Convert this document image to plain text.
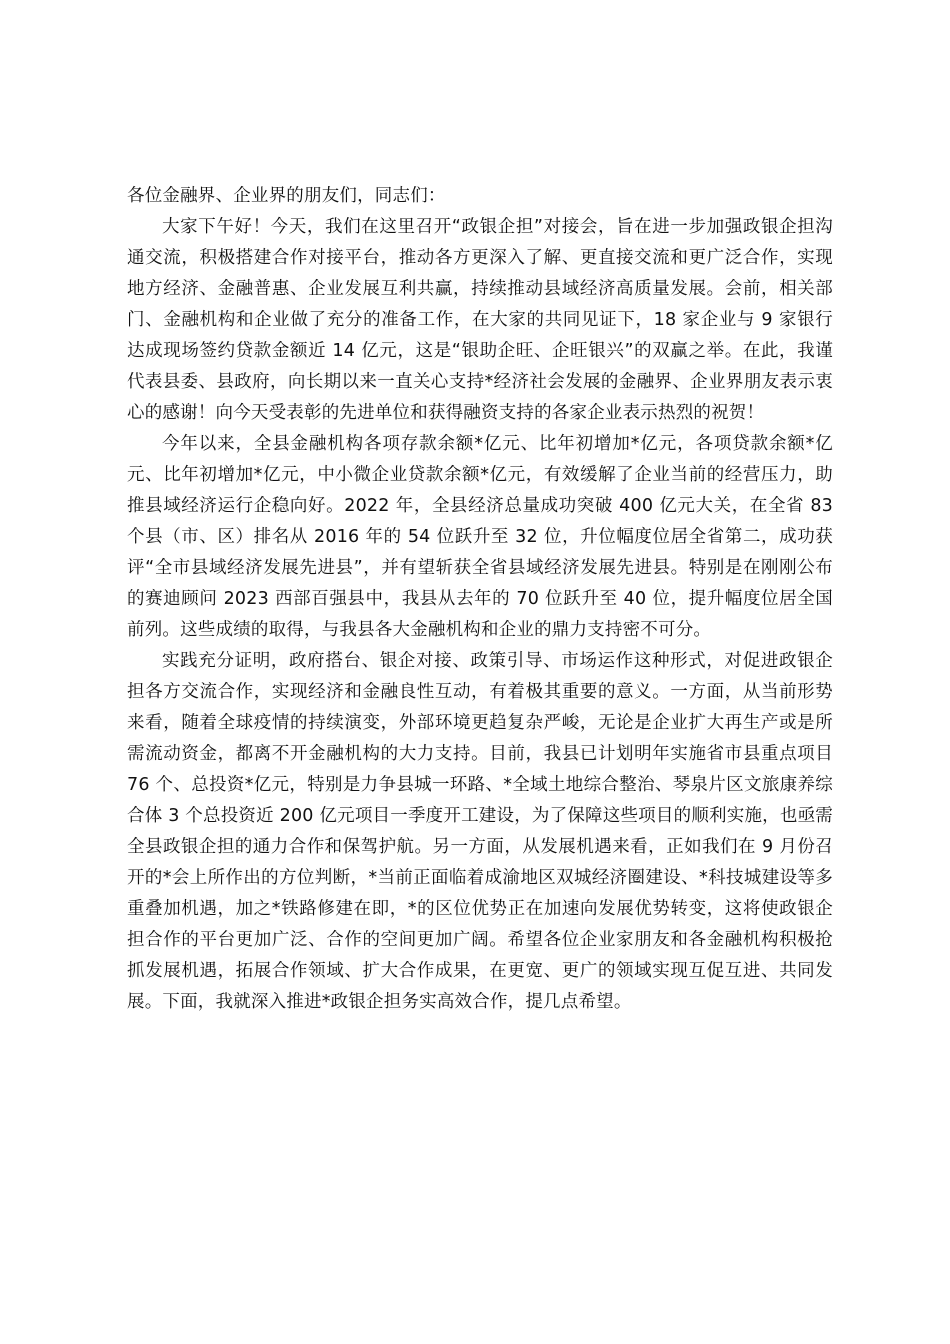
各位金融界、企业界的朋友们，同志们：

大家下午好！今天，我们在这里召开“政银企担”对接会，旨在进一步加强政银企担沟通交流，积极搭建合作对接平台，推动各方更深入了解、更直接交流和更广泛合作，实现地方经济、金融普惠、企业发展互利共赢，持续推动县域经济高质量发展。会前，相关部门、金融机构和企业做了充分的准备工作，在大家的共同见证下，18 家企业与 9 家银行达成现场签约贷款金额近 14 亿元，这是“银助企旺、企旺银兴”的双赢之举。在此，我谨代表县委、县政府，向长期以来一直关心支持*经济社会发展的金融界、企业界朋友表示衷心的感谢！向今天受表彰的先进单位和获得融资支持的各家企业表示热烈的祝贺！

今年以来，全县金融机构各项存款余额*亿元、比年初增加*亿元，各项贷款余额*亿元、比年初增加*亿元，中小微企业贷款余额*亿元，有效缓解了企业当前的经营压力，助推县域经济运行企稳向好。2022 年，全县经济总量成功突破 400 亿元大关，在全省 83 个县（市、区）排名从 2016 年的 54 位跃升至 32 位，升位幅度位居全省第二，成功获评“全市县域经济发展先进县”，并有望斩获全省县域经济发展先进县。特别是在刚刚公布的赛迪顾问 2023 西部百强县中，我县从去年的 70 位跃升至 40 位，提升幅度位居全国前列。这些成绩的取得，与我县各大金融机构和企业的鼎力支持密不可分。

实践充分证明，政府搭台、银企对接、政策引导、市场运作这种形式，对促进政银企担各方交流合作，实现经济和金融良性互动，有着极其重要的意义。一方面，从当前形势来看，随着全球疫情的持续演变，外部环境更趋复杂严峻，无论是企业扩大再生产或是所需流动资金，都离不开金融机构的大力支持。目前，我县已计划明年实施省市县重点项目 76 个、总投资*亿元，特别是力争县城一环路、*全域土地综合整治、琴泉片区文旅康养综合体 3 个总投资近 200 亿元项目一季度开工建设，为了保障这些项目的顺利实施，也亟需全县政银企担的通力合作和保驾护航。另一方面，从发展机遇来看，正如我们在 9 月份召开的*会上所作出的方位判断，*当前正面临着成渝地区双城经济圈建设、*科技城建设等多重叠加机遇，加之*铁路修建在即，*的区位优势正在加速向发展优势转变，这将使政银企担合作的平台更加广泛、合作的空间更加广阔。希望各位企业家朋友和各金融机构积极抢抓发展机遇，拓展合作领域、扩大合作成果，在更宽、更广的领域实现互促互进、共同发展。下面，我就深入推进*政银企担务实高效合作，提几点希望。
